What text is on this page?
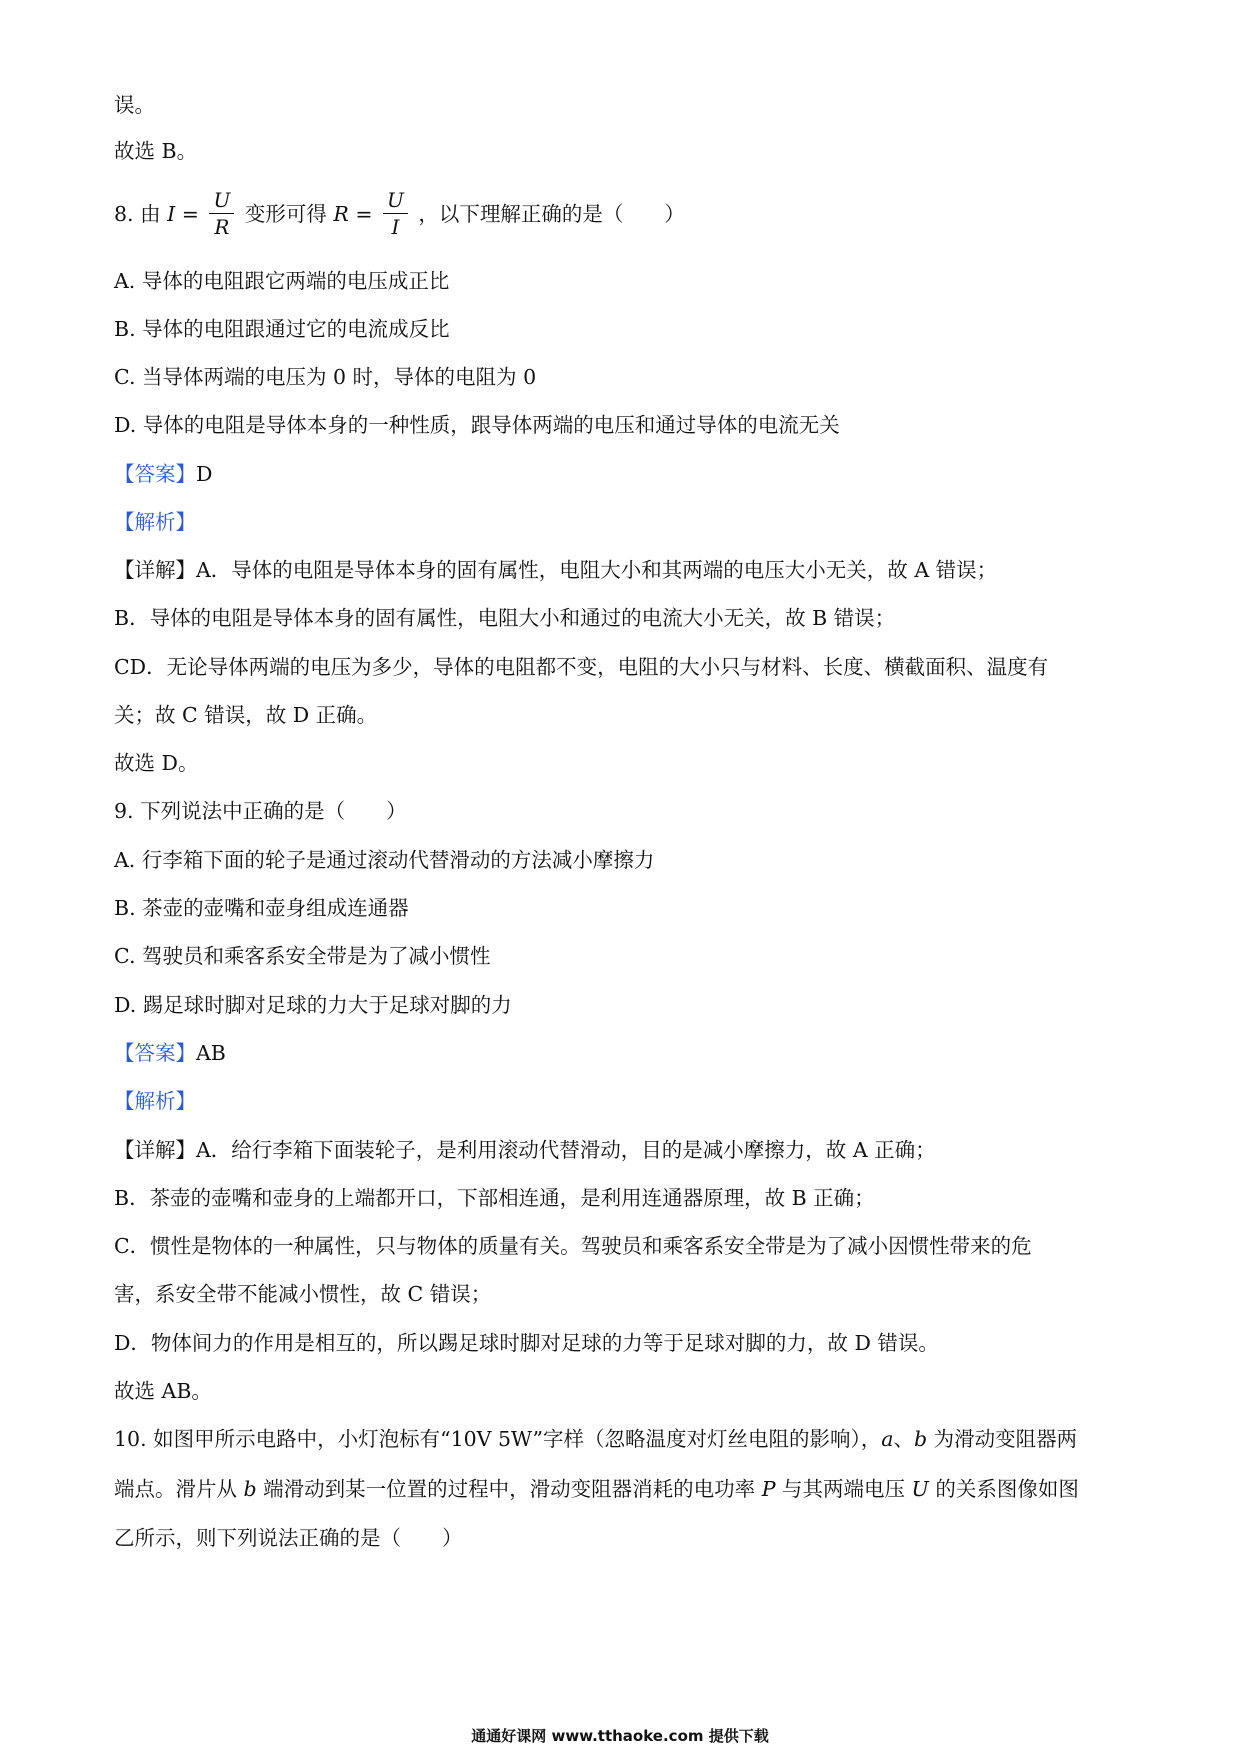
误。
故选 B。
8. 由 $I = \frac{U}{R}$ 变形可得 $R = \frac{U}{I}$ ，以下理解正确的是（　　）
A. 导体的电阻跟它两端的电压成正比
B. 导体的电阻跟通过它的电流成反比
C. 当导体两端的电压为 0 时，导体的电阻为 0
D. 导体的电阻是导体本身的一种性质，跟导体两端的电压和通过导体的电流无关
【答案】D
【解析】
【详解】A．导体的电阻是导体本身的固有属性，电阻大小和其两端的电压大小无关，故 A 错误；
B．导体的电阻是导体本身的固有属性，电阻大小和通过的电流大小无关，故 B 错误；
CD．无论导体两端的电压为多少，导体的电阻都不变，电阻的大小只与材料、长度、横截面积、温度有
关；故 C 错误，故 D 正确。
故选 D。
9. 下列说法中正确的是（　　）
A. 行李箱下面的轮子是通过滚动代替滑动的方法减小摩擦力
B. 茶壶的壶嘴和壶身组成连通器
C. 驾驶员和乘客系安全带是为了减小惯性
D. 踢足球时脚对足球的力大于足球对脚的力
【答案】AB
【解析】
【详解】A．给行李箱下面装轮子，是利用滚动代替滑动，目的是减小摩擦力，故 A 正确；
B．茶壶的壶嘴和壶身的上端都开口，下部相连通，是利用连通器原理，故 B 正确；
C．惯性是物体的一种属性，只与物体的质量有关。驾驶员和乘客系安全带是为了减小因惯性带来的危
害，系安全带不能减小惯性，故 C 错误；
D．物体间力的作用是相互的，所以踢足球时脚对足球的力等于足球对脚的力，故 D 错误。
故选 AB。
10. 如图甲所示电路中，小灯泡标有“10V 5W”字样（忽略温度对灯丝电阻的影响），a、b 为滑动变阻器两
端点。滑片从 b 端滑动到某一位置的过程中，滑动变阻器消耗的电功率 P 与其两端电压 U 的关系图像如图
乙所示，则下列说法正确的是（　　）
通通好课网 www.tthaoke.com 提供下载
